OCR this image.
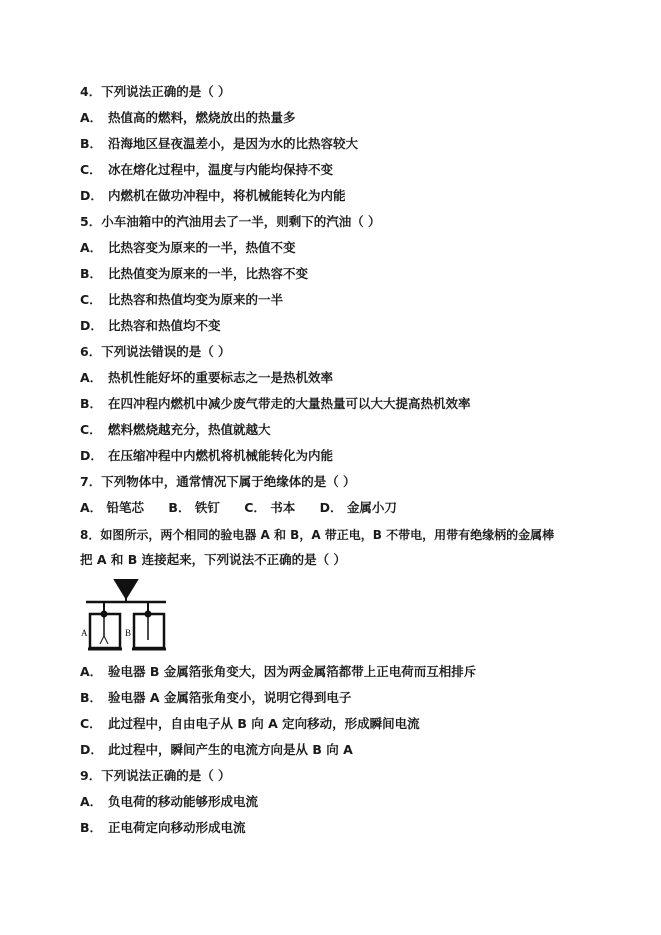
4．下列说法正确的是（ ）

A． 热值高的燃料，燃烧放出的热量多

B． 沿海地区昼夜温差小，是因为水的比热容较大

C． 冰在熔化过程中，温度与内能均保持不变

D． 内燃机在做功冲程中，将机械能转化为内能

5．小车油箱中的汽油用去了一半，则剩下的汽油（ ）

A． 比热容变为原来的一半，热值不变

B． 比热值变为原来的一半，比热容不变

C． 比热容和热值均变为原来的一半

D． 比热容和热值均不变

6．下列说法错误的是（ ）

A． 热机性能好坏的重要标志之一是热机效率

B． 在四冲程内燃机中减少废气带走的大量热量可以大大提高热机效率

C． 燃料燃烧越充分，热值就越大

D． 在压缩冲程中内燃机将机械能转化为内能

7．下列物体中，通常情况下属于绝缘体的是（ ）

A． 铅笔芯 B． 铁钉 C． 书本 D． 金属小刀

8．如图所示，两个相同的验电器 A 和 B，A 带正电，B 不带电，用带有绝缘柄的金属棒

把 A 和 B 连接起来，下列说法不正确的是（ ）

A	B

A． 验电器 B 金属箔张角变大，因为两金属箔都带上正电荷而互相排斥

B． 验电器 A 金属箔张角变小，说明它得到电子

C． 此过程中，自由电子从 B 向 A 定向移动，形成瞬间电流

D． 此过程中，瞬间产生的电流方向是从 B 向 A

9．下列说法正确的是（ ）

A． 负电荷的移动能够形成电流

B． 正电荷定向移动形成电流
